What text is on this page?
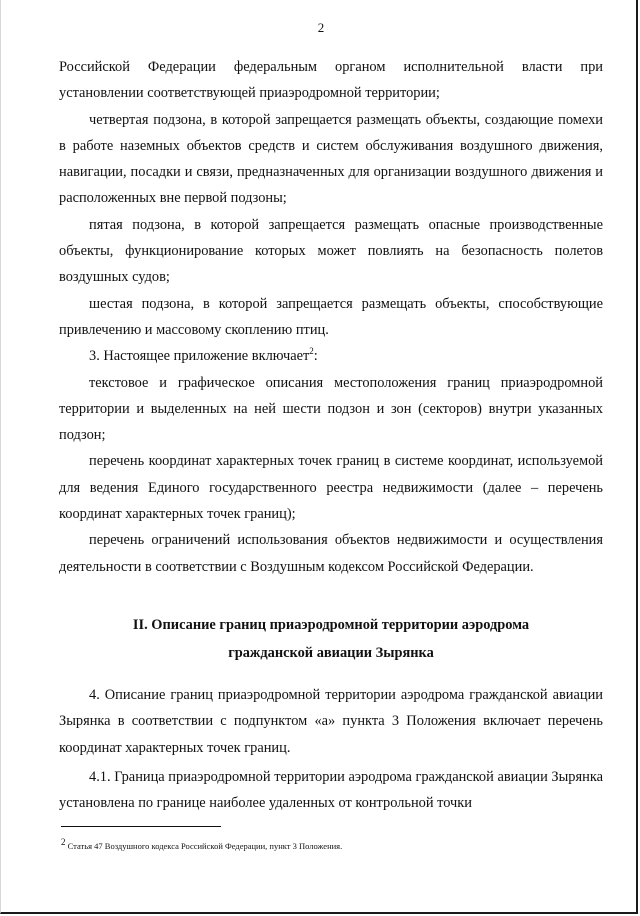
2

Российской Федерации федеральным органом исполнительной власти при установлении соответствующей приаэродромной территории;

четвертая подзона, в которой запрещается размещать объекты, создающие помехи в работе наземных объектов средств и систем обслуживания воздушного движения, навигации, посадки и связи, предназначенных для организации воздушного движения и расположенных вне первой подзоны;

пятая подзона, в которой запрещается размещать опасные производственные объекты, функционирование которых может повлиять на безопасность полетов воздушных судов;

шестая подзона, в которой запрещается размещать объекты, способствующие привлечению и массовому скоплению птиц.

3. Настоящее приложение включает$^2$:

текстовое и графическое описания местоположения границ приаэродромной территории и выделенных на ней шести подзон и зон (секторов) внутри указанных подзон;

перечень координат характерных точек границ в системе координат, используемой для ведения Единого государственного реестра недвижимости (далее – перечень координат характерных точек границ);

перечень ограничений использования объектов недвижимости и осуществления деятельности в соответствии с Воздушным кодексом Российской Федерации.

II. Описание границ приаэродромной территории аэродрома
гражданской авиации Зырянка

4. Описание границ приаэродромной территории аэродрома гражданской авиации Зырянка в соответствии с подпунктом «а» пункта 3 Положения включает перечень координат характерных точек границ.

4.1. Граница приаэродромной территории аэродрома гражданской авиации Зырянка установлена по границе наиболее удаленных от контрольной точки

$^2$ Статья 47 Воздушного кодекса Российской Федерации, пункт 3 Положения.
